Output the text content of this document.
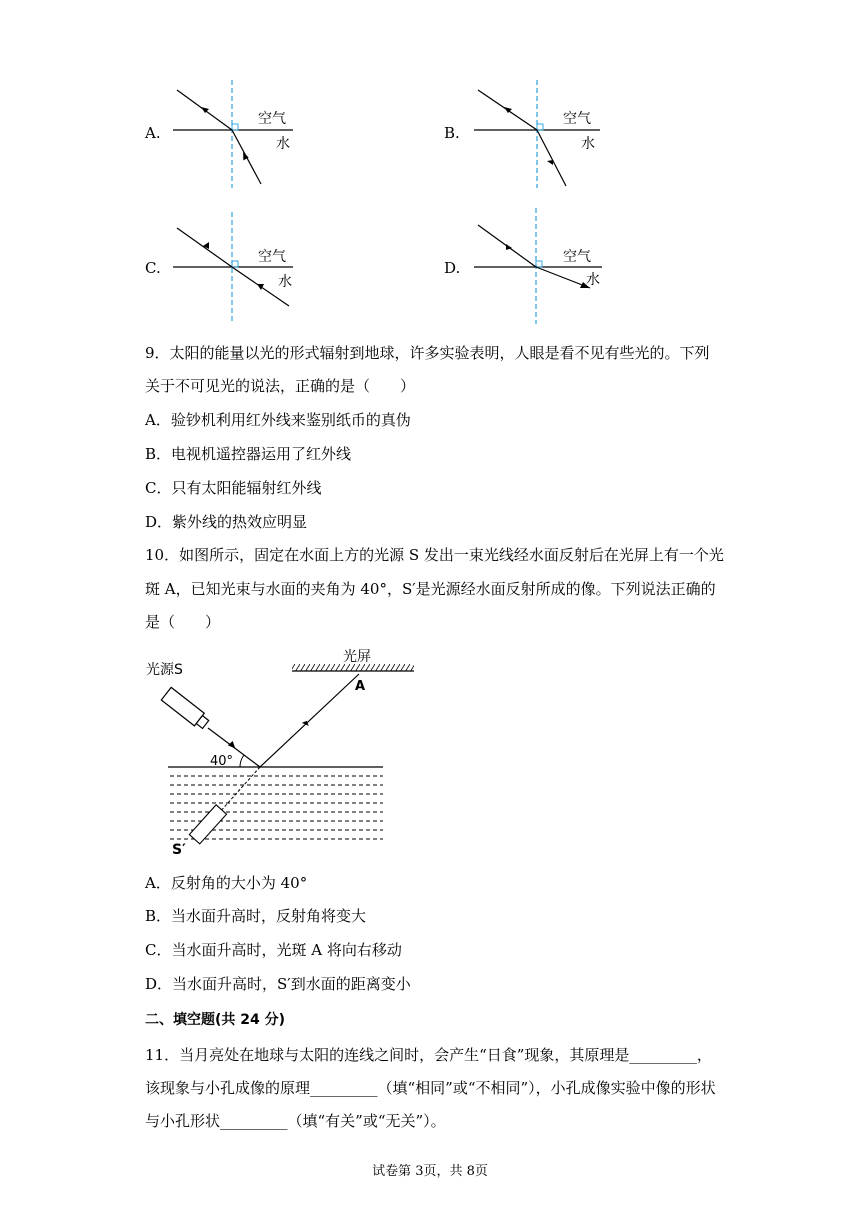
A.
空气
水
B.
空气
水
C.
空气
水
D.
空气
水
9．太阳的能量以光的形式辐射到地球，许多实验表明，人眼是看不见有些光的。下列
关于不可见光的说法，正确的是（　　）
A．验钞机利用红外线来鉴别纸币的真伪
B．电视机遥控器运用了红外线
C．只有太阳能辐射红外线
D．紫外线的热效应明显
10．如图所示，固定在水面上方的光源 S 发出一束光线经水面反射后在光屏上有一个光
斑 A，已知光束与水面的夹角为 40°，S′是光源经水面反射所成的像。下列说法正确的
是（　　）
光屏
A
光源S
40°
S′
A．反射角的大小为 40°
B．当水面升高时，反射角将变大
C．当水面升高时，光斑 A 将向右移动
D．当水面升高时，S′到水面的距离变小
二、填空题(共 24 分)
11．当月亮处在地球与太阳的连线之间时，会产生“日食”现象，其原理是_________，
该现象与小孔成像的原理_________（填“相同”或“不相同”），小孔成像实验中像的形状
与小孔形状_________（填“有关”或“无关”）。
试卷第 3页，共 8页
